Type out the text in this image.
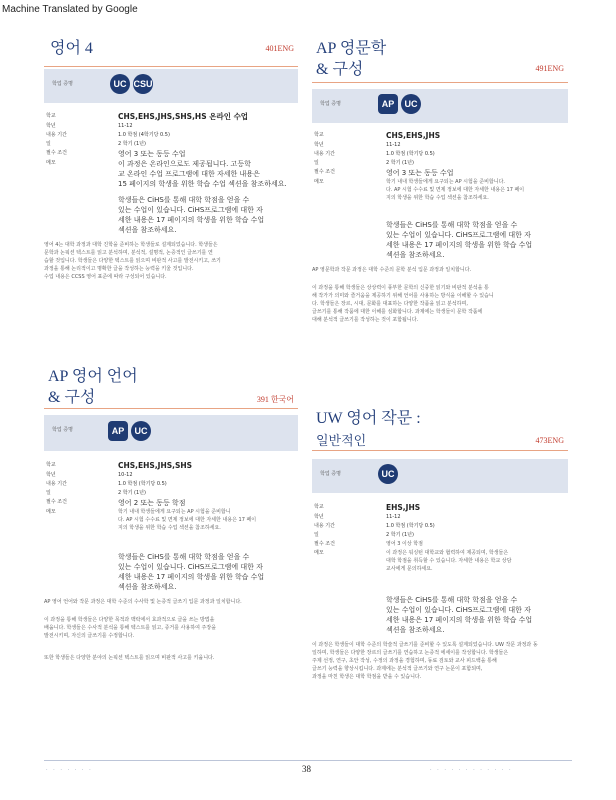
Machine Translated by Google
영어 4	401ENG
학업 증명	UC CSU
학교	CHS,EHS,JHS,SHS,HS 온라인 수업
학년	11-12
내용 기간	1.0 학점 (4학기당 0.5)
일	2 학기 (1년)
필수 조건	영어 3 또는 동등 수업
메모	이 과정은 온라인으로도 제공됩니다. 고등학
교 온라인 수업 프로그램에 대한 자세한 내용은
15 페이지의 학생을 위한 학습 수업 섹션을 참조하세요.
학생들은 CiHS를 통해 대학 학점을 얻을 수
있는 수업이 있습니다. CiHS프로그램에 대한 자
세한 내용은 17 페이지의 학생을 위한 학습 수업
섹션을 참조하세요.
영어 4는 대학 과정과 대학 진학을 준비하는 학생들로 설계되었습니다. 학생들은
문학과 논픽션 텍스트를 읽고 분석하며, 분석적, 설명적, 논증적인 글쓰기를 연
습할 것입니다. 학생들은 다양한 텍스트를 읽으며 비판적 사고를 발전시키고, 쓰기
과정을 통해 논리적이고 명확한 글을 작성하는 능력을 키울 것입니다.
수업 내용은 CCSS 영어 표준에 따라 구성되어 있습니다.
AP 영문학
& 구성	491ENG
학업 증명	AP	UC
학교	CHS,EHS,JHS
학년	11-12
내용 기간	1.0 학점 (학기당 0.5)
일	2 학기 (1년)
필수 조건	영어 3 또는 동등 수업
메모	학기 내내 학생들에게 요구되는 AP 시험을 준비합니다.
다. AP 시험 수수료 및 면제 정보에 대한 자세한 내용은 17 페이
지의 학생을 위한 학습 수업 섹션을 참조하세요.
학생들은 CiHS를 통해 대학 학점을 얻을 수
있는 수업이 있습니다. CiHS프로그램에 대한 자
세한 내용은 17 페이지의 학생을 위한 학습 수업
섹션을 참조하세요.
AP 영문학과 작문 과정은 대학 수준의 문학 분석 입문 과정과 일치합니다.
이 과정을 통해 학생들은 상상력이 풍부한 문학의 신중한 읽기와 비판적 분석을 통
해 작가가 의미와 즐거움을 제공하기 위해 언어를 사용하는 방식을 이해할 수 있습니
다. 학생들은 장르, 시대, 문화를 대표하는 다양한 작품을 읽고 분석하며,
글쓰기를 통해 작품에 대한 이해를 심화합니다. 과제에는 학생들이 문학 작품에
대해 분석적 글쓰기를 작성하는 것이 포함됩니다.
AP 영어 언어
& 구성	391 한국어
학업 증명	AP	UC
학교	CHS,EHS,JHS,SHS
학년	10-12
내용 기간	1.0 학점 (학기당 0.5)
일	2 학기 (1년)
필수 조건	영어 2 또는 동등 학점
메모	학기 내내 학생들에게 요구되는 AP 시험을 준비합니
다. AP 시험 수수료 및 면제 정보에 대한 자세한 내용은 17 페이
지의 학생을 위한 학습 수업 섹션을 참조하세요.
학생들은 CiHS를 통해 대학 학점을 얻을 수
있는 수업이 있습니다. CiHS프로그램에 대한 자
세한 내용은 17 페이지의 학생을 위한 학습 수업
섹션을 참조하세요.
AP 영어 언어와 작문 과정은 대학 수준의 수사학 및 논증적 글쓰기 입문 과정과 일치합니다.
이 과정을 통해 학생들은 다양한 목적과 맥락에서 효과적으로 글을 쓰는 방법을
배웁니다. 학생들은 수사적 분석을 통해 텍스트를 읽고, 증거를 사용하여 주장을
발전시키며, 자신의 글쓰기를 수정합니다.
또한 학생들은 다양한 분야의 논픽션 텍스트를 읽으며 비판적 사고를 키웁니다.
UW 영어 작문 :
일반적인	473ENG
학업 증명	UC
학교	EHS,JHS
학년	11-12
내용 기간	1.0 학점 (학기당 0.5)
일	2 학기 (1년)
필수 조건	영어 3 이상 학점
메모	이 과정은 워싱턴 대학교와 협력하여 제공되며, 학생들은
대학 학점을 취득할 수 있습니다. 자세한 내용은 학교 상담
교사에게 문의하세요.
학생들은 CiHS를 통해 대학 학점을 얻을 수
있는 수업이 있습니다. CiHS프로그램에 대한 자
세한 내용은 17 페이지의 학생을 위한 학습 수업
섹션을 참조하세요.
이 과정은 학생들이 대학 수준의 학술적 글쓰기를 준비할 수 있도록 설계되었습니다. UW 작문 과정과 동
일하며, 학생들은 다양한 장르의 글쓰기를 연습하고 논증적 에세이를 작성합니다. 학생들은
주제 선정, 연구, 초안 작성, 수정의 과정을 경험하며, 동료 검토와 교사 피드백을 통해
글쓰기 능력을 향상시킵니다. 과제에는 분석적 글쓰기와 연구 논문이 포함되며,
과정을 마친 학생은 대학 학점을 받을 수 있습니다.
· · · · · · ·	38	· · · · · · · · · · · ·
